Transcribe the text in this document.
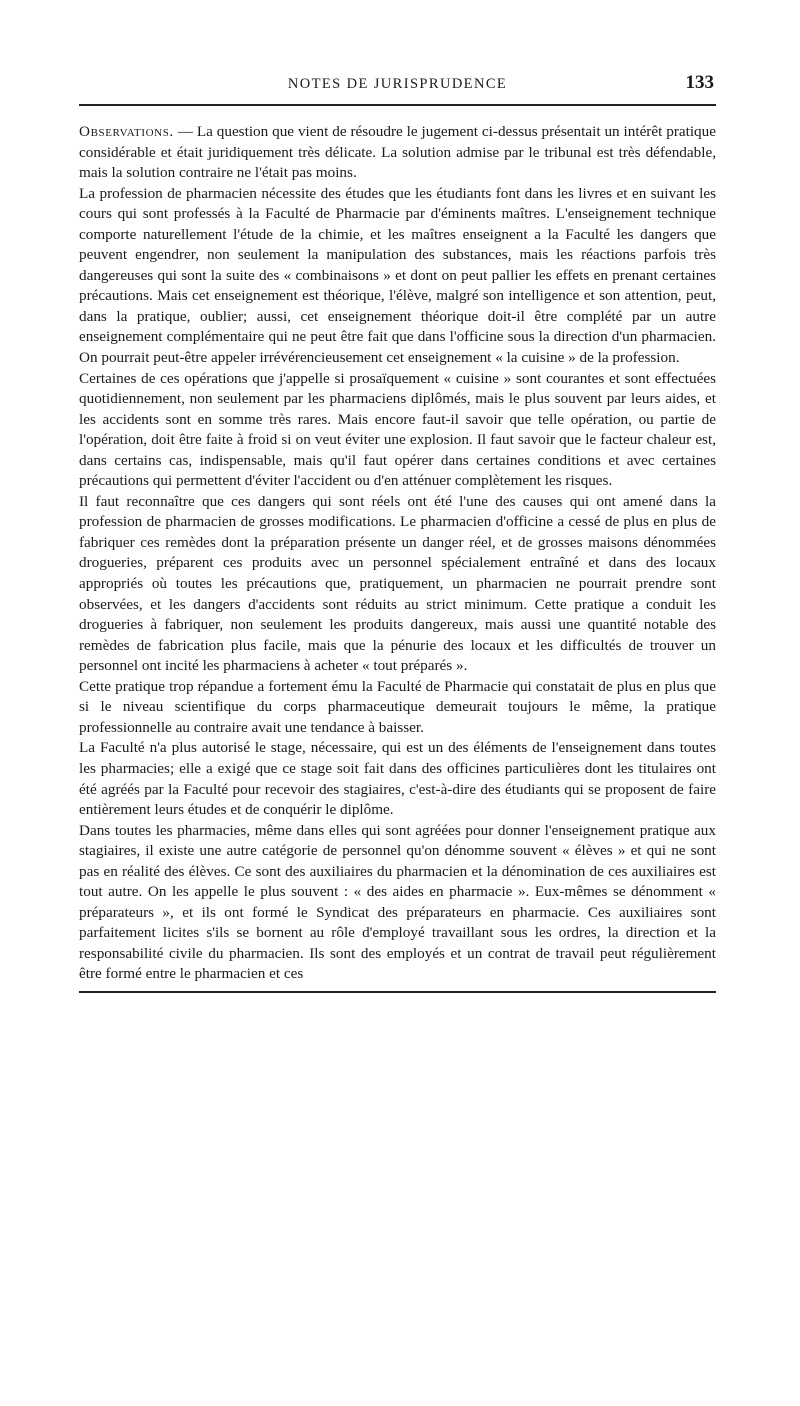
NOTES DE JURISPRUDENCE	133

Observations. — La question que vient de résoudre le jugement ci-dessus présentait un intérêt pratique considérable et était juridiquement très délicate. La solution admise par le tribunal est très défendable, mais la solution contraire ne l'était pas moins.

La profession de pharmacien nécessite des études que les étudiants font dans les livres et en suivant les cours qui sont professés à la Faculté de Pharmacie par d'éminents maîtres. L'enseignement technique comporte naturellement l'étude de la chimie, et les maîtres enseignent a la Faculté les dangers que peuvent engendrer, non seulement la manipulation des substances, mais les réactions parfois très dangereuses qui sont la suite des « combinaisons » et dont on peut pallier les effets en prenant certaines précautions. Mais cet enseignement est théorique, l'élève, malgré son intelligence et son attention, peut, dans la pratique, oublier; aussi, cet enseignement théorique doit-il être complété par un autre enseignement complémentaire qui ne peut être fait que dans l'officine sous la direction d'un pharmacien. On pourrait peut-être appeler irrévérencieusement cet enseignement « la cuisine » de la profession.

Certaines de ces opérations que j'appelle si prosaïquement « cuisine » sont courantes et sont effectuées quotidiennement, non seulement par les pharmaciens diplômés, mais le plus souvent par leurs aides, et les accidents sont en somme très rares. Mais encore faut-il savoir que telle opération, ou partie de l'opération, doit être faite à froid si on veut éviter une explosion. Il faut savoir que le facteur chaleur est, dans certains cas, indispensable, mais qu'il faut opérer dans certaines conditions et avec certaines précautions qui permettent d'éviter l'accident ou d'en atténuer complètement les risques.

Il faut reconnaître que ces dangers qui sont réels ont été l'une des causes qui ont amené dans la profession de pharmacien de grosses modifications. Le pharmacien d'officine a cessé de plus en plus de fabriquer ces remèdes dont la préparation présente un danger réel, et de grosses maisons dénommées drogueries, préparent ces produits avec un personnel spécialement entraîné et dans des locaux appropriés où toutes les précautions que, pratiquement, un pharmacien ne pourrait prendre sont observées, et les dangers d'accidents sont réduits au strict minimum. Cette pratique a conduit les drogueries à fabriquer, non seulement les produits dangereux, mais aussi une quantité notable des remèdes de fabrication plus facile, mais que la pénurie des locaux et les difficultés de trouver un personnel ont incité les pharmaciens à acheter « tout préparés ».

Cette pratique trop répandue a fortement ému la Faculté de Pharmacie qui constatait de plus en plus que si le niveau scientifique du corps pharmaceutique demeurait toujours le même, la pratique professionnelle au contraire avait une tendance à baisser.

La Faculté n'a plus autorisé le stage, nécessaire, qui est un des éléments de l'enseignement dans toutes les pharmacies; elle a exigé que ce stage soit fait dans des officines particulières dont les titulaires ont été agréés par la Faculté pour recevoir des stagiaires, c'est-à-dire des étudiants qui se proposent de faire entièrement leurs études et de conquérir le diplôme.

Dans toutes les pharmacies, même dans elles qui sont agréées pour donner l'enseignement pratique aux stagiaires, il existe une autre catégorie de personnel qu'on dénomme souvent « élèves » et qui ne sont pas en réalité des élèves. Ce sont des auxiliaires du pharmacien et la dénomination de ces auxiliaires est tout autre. On les appelle le plus souvent : « des aides en pharmacie ». Eux-mêmes se dénomment « préparateurs », et ils ont formé le Syndicat des préparateurs en pharmacie. Ces auxiliaires sont parfaitement licites s'ils se bornent au rôle d'employé travaillant sous les ordres, la direction et la responsabilité civile du pharmacien. Ils sont des employés et un contrat de travail peut régulièrement être formé entre le pharmacien et ces
